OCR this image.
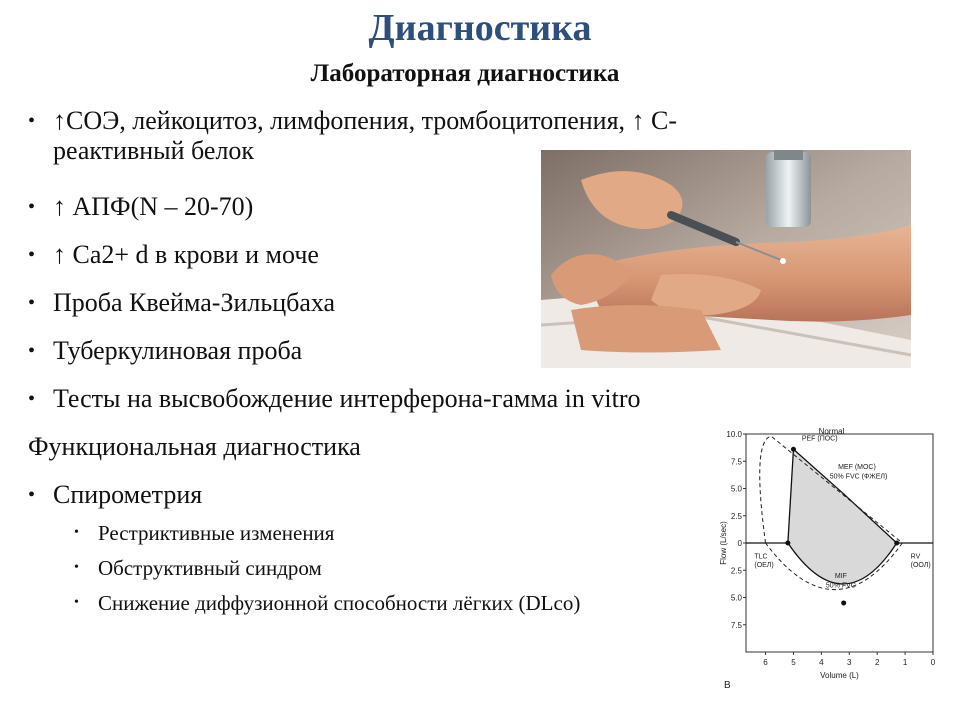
Диагностика
Лабораторная диагностика
• ↑СОЭ, лейкоцитоз, лимфопения, тромбоцитопения, ↑ С-
реактивный белок
• ↑ АПФ(N – 20-70)
• ↑ Ca2+ d в крови и моче
• Проба Квейма-Зильцбаха
• Туберкулиновая проба
• Тесты на высвобождение интерферона-гамма in vitro
Функциональная диагностика
• Спирометрия
• Рестриктивные изменения
• Обструктивный синдром
• Снижение диффузионной способности лёгких (DLco)
10.0
7.5
5.0
2.5
0
2.5
5.0
7.5
6	5	4	3	2	1	0
Volume (L)
Flow (L/sec)
B
Normal
PEF (ПОС)
MEF (МОС)
50% FVC (ФЖЕЛ)
TLC
(ОЕЛ)
MIF
50% FVC
RV
(ООЛ)
